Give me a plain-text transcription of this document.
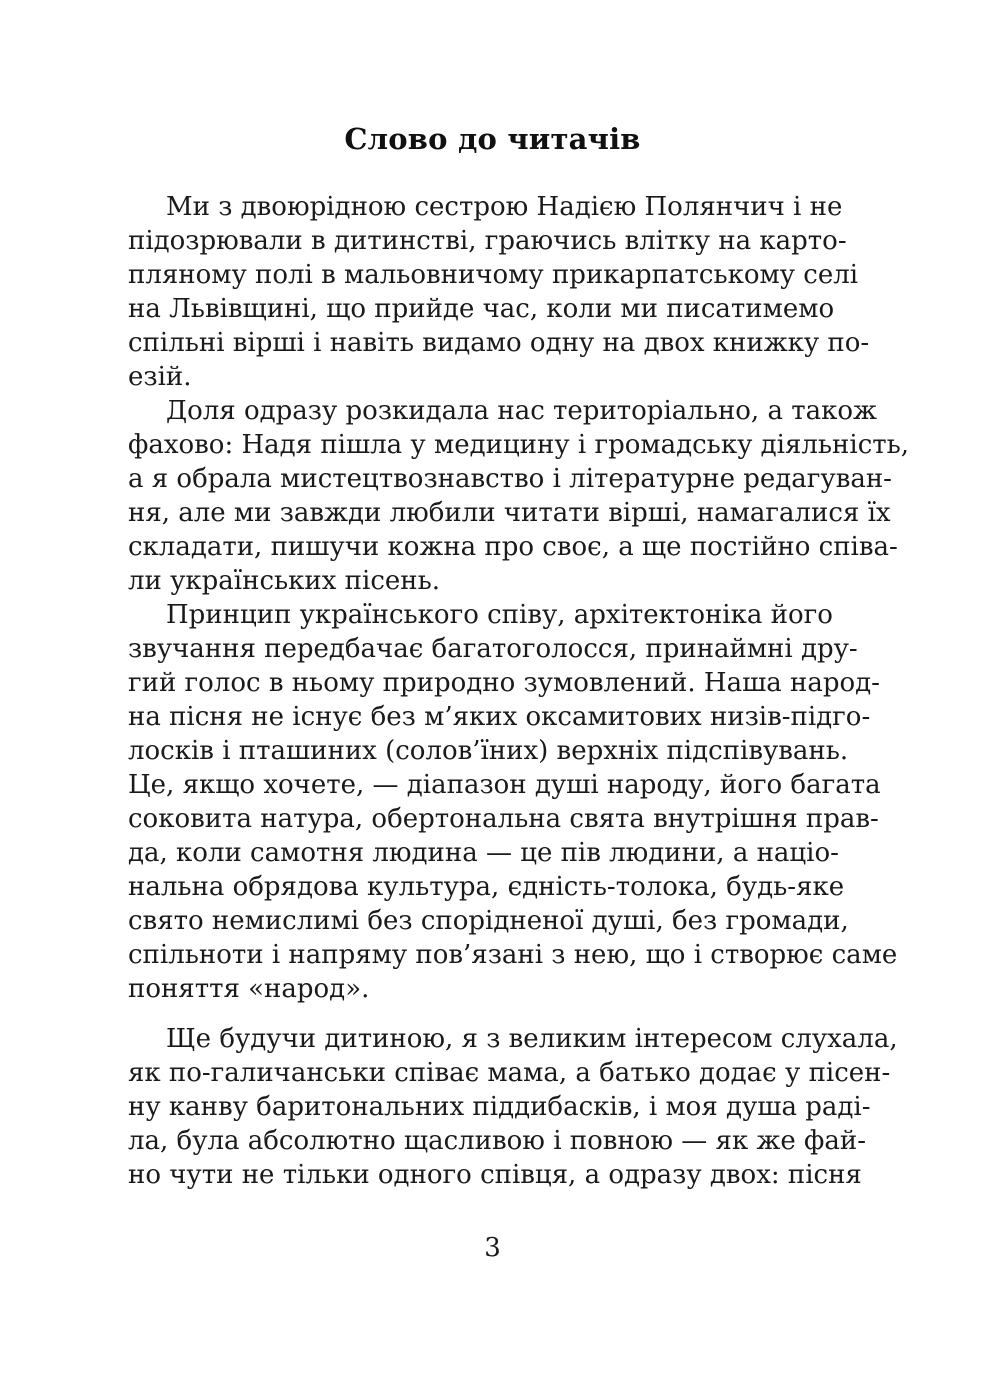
Слово до читачів
Ми з двоюрідною сестрою Надією Полянчич і не
підозрювали в дитинстві, граючись влітку на карто-
пляному полі в мальовничому прикарпатському селі
на Львівщині, що прийде час, коли ми писатимемо
спільні вірші і навіть видамо одну на двох книжку по-
езій.
Доля одразу розкидала нас територіально, а також
фахово: Надя пішла у медицину і громадську діяльність,
а я обрала мистецтвознавство і літературне редагуван-
ня, але ми завжди любили читати вірші, намагалися їх
складати, пишучи кожна про своє, а ще постійно співа-
ли українських пісень.
Принцип українського співу, архітектоніка його
звучання передбачає багатоголосся, принаймні дру-
гий голос в ньому природно зумовлений. Наша народ-
на пісня не існує без м’яких оксамитових низів-підго-
лосків і пташиних (солов’їних) верхніх підспівувань.
Це, якщо хочете, — діапазон душі народу, його багата
соковита натура, обертональна свята внутрішня прав-
да, коли самотня людина — це пів людини, а націо-
нальна обрядова культура, єдність-толока, будь-яке
свято немислимі без спорідненої душі, без громади,
спільноти і напряму пов’язані з нею, що і створює саме
поняття «народ».
Ще будучи дитиною, я з великим інтересом слухала,
як по-галичанськи співає мама, а батько додає у пісен-
ну канву баритональних піддибасків, і моя душа раді-
ла, була абсолютно щасливою і повною — як же фай-
но чути не тільки одного співця, а одразу двох: пісня
3
